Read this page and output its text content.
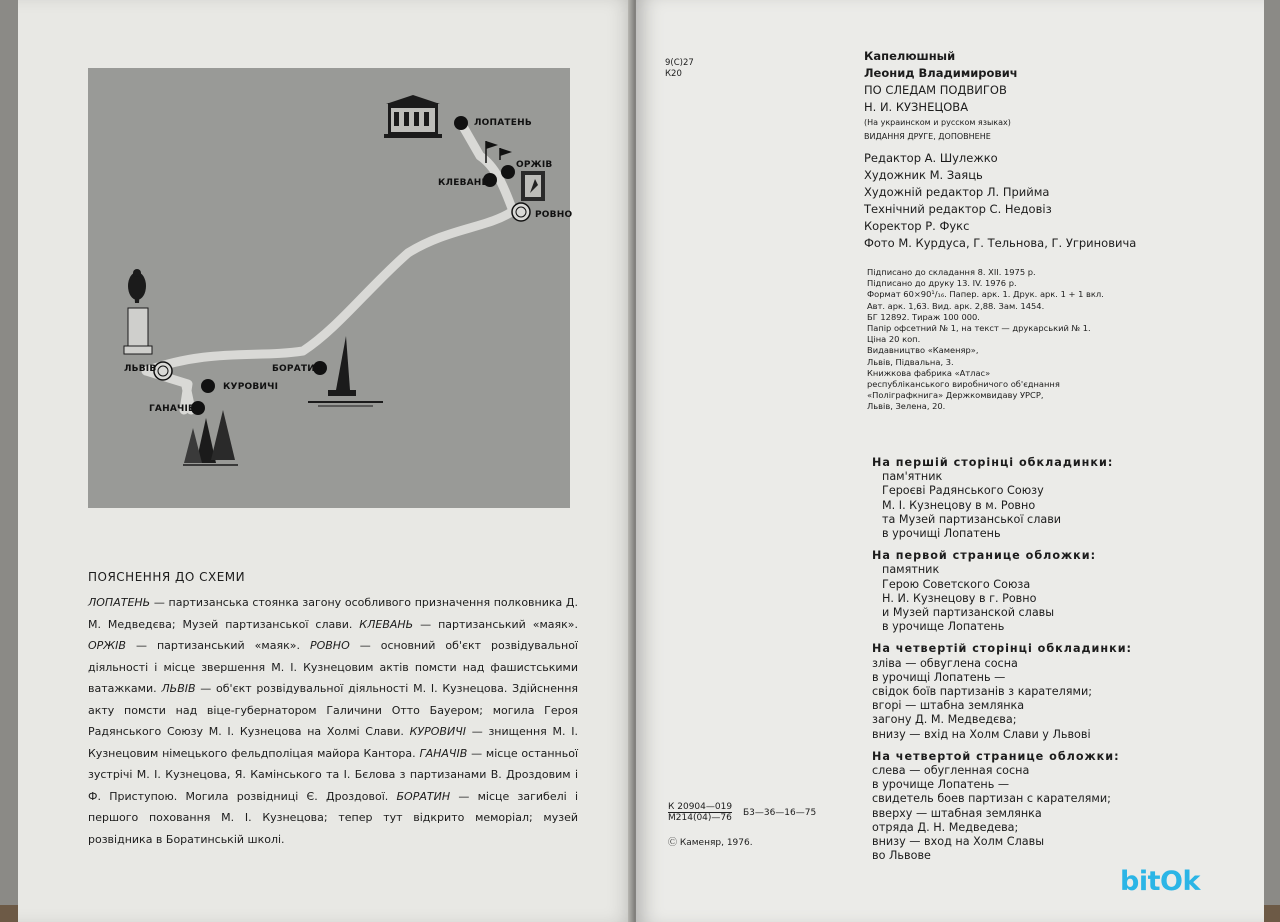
ЛОПАТЕНЬ
ОРЖІВ
КЛЕВАНЬ
РОВНО
ЛЬВІВ
КУРОВИЧІ
ГАНАЧІВ
БОРАТИН
ПОЯСНЕННЯ ДО СХЕМИ
ЛОПАТЕНЬ — партизанська стоянка загону особливого призначення полковника Д. М. Медведєва; Музей партизанської слави. КЛЕВАНЬ — партизанський «маяк». ОРЖІВ — партизанський «маяк». РОВНО — основний об'єкт розвідувальної діяльності і місце звершення М. І. Кузнецовим актів помсти над фашистськими ватажками. ЛЬВІВ — об'єкт розвідувальної діяльності М. І. Кузнецова. Здійснення акту помсти над віце-губернатором Галичини Отто Бауером; могила Героя Радянського Союзу М. І. Кузнецова на Холмі Слави. КУРОВИЧІ — знищення М. І. Кузнецовим німецького фельдполіцая майора Кантора. ГАНАЧІВ — місце останньої зустрічі М. І. Кузнецова, Я. Камінського та І. Бєлова з партизанами В. Дроздовим і Ф. Приступою. Могила розвідниці Є. Дроздової. БОРАТИН — місце загибелі і першого поховання М. І. Кузнецова; тепер тут відкрито меморіал; музей розвідника в Боратинській школі.
9(С)27
К20
Капелюшный
Леонид Владимирович
ПО СЛЕДАМ ПОДВИГОВ
Н. И. КУЗНЕЦОВА
(На украинском и русском языках)
ВИДАННЯ ДРУГЕ, ДОПОВНЕНЕ
Редактор А. Шулежко
Художник М. Заяць
Художній редактор Л. Прийма
Технічний редактор С. Недовіз
Коректор Р. Фукс
Фото М. Курдуса, Г. Тельнова, Г. Угриновича
Підписано до складання 8. XII. 1975 р.
Підписано до друку 13. IV. 1976 р.
Формат 60×90¹/₁₆. Папер. арк. 1. Друк. арк. 1 + 1 вкл.
Авт. арк. 1,63. Вид. арк. 2,88. Зам. 1454.
БГ 12892. Тираж 100 000.
Папір офсетний № 1, на текст — друкарський № 1.
Ціна 20 коп.
Видавництво «Каменяр»,
Львів, Підвальна, 3.
Книжкова фабрика «Атлас»
республіканського виробничого об'єднання
«Поліграфкнига» Держкомвидаву УРСР,
Львів, Зелена, 20.
На першій сторінці обкладинки:
пам'ятник
Героєві Радянського Союзу
М. І. Кузнецову в м. Ровно
та Музей партизанської слави
в урочищі Лопатень
На первой странице обложки:
памятник
Герою Советского Союза
Н. И. Кузнецову в г. Ровно
и Музей партизанской славы
в урочище Лопатень
На четвертій сторінці обкладинки:
зліва — обвуглена сосна
в урочищі Лопатень —
свідок боїв партизанів з карателями;
вгорі — штабна землянка
загону Д. М. Медведєва;
внизу — вхід на Холм Слави у Львові
На четвертой странице обложки:
слева — обугленная сосна
в урочище Лопатень —
свидетель боев партизан с карателями;
вверху — штабная землянка
отряда Д. Н. Медведева;
внизу — вход на Холм Славы
во Львове
К 20904—019
М214(04)—76
Б3—36—16—75
Ⓒ Каменяр, 1976.
bitOk
